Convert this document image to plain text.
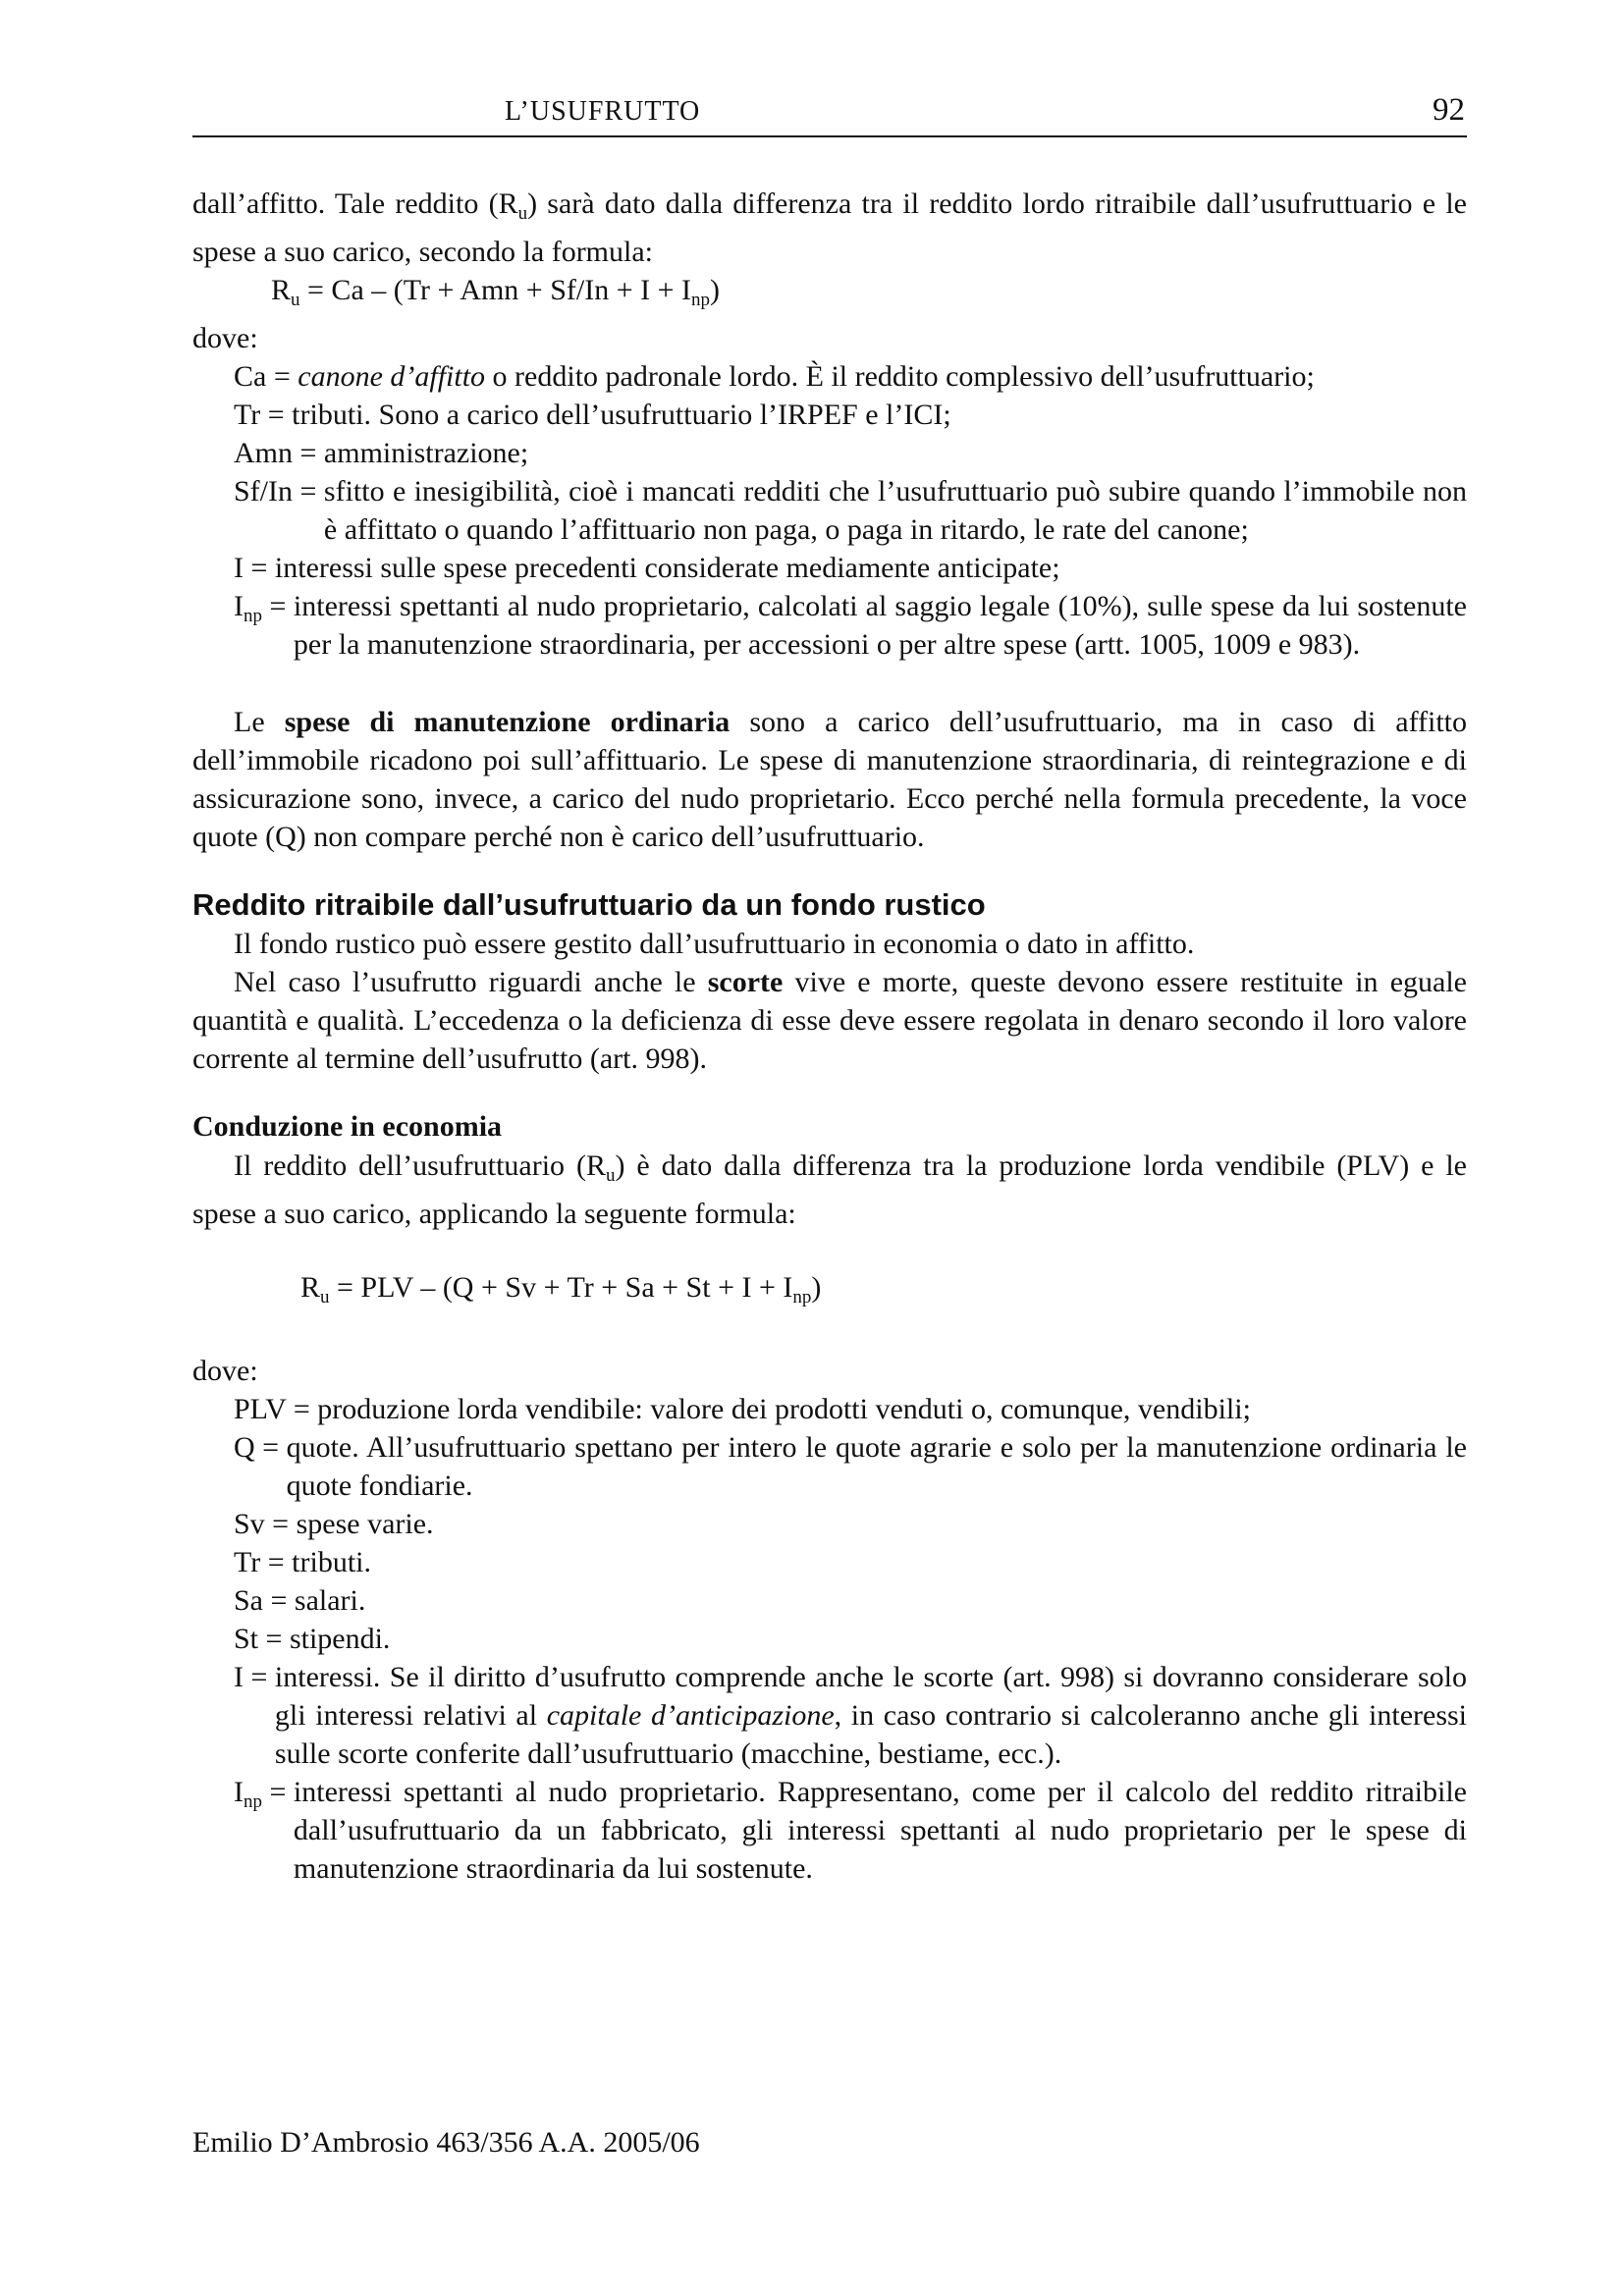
L’USUFRUTTO	92

dall’affitto. Tale reddito $(R_u)$ sarà dato dalla differenza tra il reddito lordo ritraibile dall’usufruttuario e le spese a suo carico, secondo la formula:

$R_u = Ca - (Tr$ + Amn + $Sf/In + I + I_{np}$)

dove:

Ca = canone d’affitto o reddito padronale lordo. È il reddito complessivo dell’usufruttuario;

Tr = tributi. Sono a carico dell’usufruttuario l’IRPEF e l’ICI;

Amn = amministrazione;

Sf/In = sfitto e inesigibilità, cioè i mancati redditi che l’usufruttuario può subire quando l’immobile non è affittato o quando l’affittuario non paga, o paga in ritardo, le rate del canone;

I = interessi sulle spese precedenti considerate mediamente anticipate;

$I_{np}$ = interessi spettanti al nudo proprietario, calcolati al saggio legale (10%), sulle spese da lui sostenute per la manutenzione straordinaria, per accessioni o per altre spese (artt. 1005, 1009 e 983).

Le spese di manutenzione ordinaria sono a carico dell’usufruttuario, ma in caso di affitto dell’immobile ricadono poi sull’affittuario. Le spese di manutenzione straordinaria, di reintegrazione e di assicurazione sono, invece, a carico del nudo proprietario. Ecco perché nella formula precedente, la voce quote (Q) non compare perché non è carico dell’usufruttuario.

Reddito ritraibile dall’usufruttuario da un fondo rustico

Il fondo rustico può essere gestito dall’usufruttuario in economia o dato in affitto.

Nel caso l’usufrutto riguardi anche le scorte vive e morte, queste devono essere restituite in eguale quantità e qualità. L’eccedenza o la deficienza di esse deve essere regolata in denaro secondo il loro valore corrente al termine dell’usufrutto (art. 998).

Conduzione in economia

Il reddito dell’usufruttuario $(R_u)$ è dato dalla differenza tra la produzione lorda vendibile (PLV) e le spese a suo carico, applicando la seguente formula:

$R_u$ = PLV – $(Q + Sv + Tr + Sa + St + I + I_{np})$

dove:

PLV = produzione lorda vendibile: valore dei prodotti venduti o, comunque, vendibili;

Q = quote. All’usufruttuario spettano per intero le quote agrarie e solo per la manutenzione ordinaria le quote fondiarie.

Sv = spese varie.

Tr = tributi.

Sa = salari.

St = stipendi.

I = interessi. Se il diritto d’usufrutto comprende anche le scorte (art. 998) si dovranno considerare solo gli interessi relativi al capitale d’anticipazione, in caso contrario si calcoleranno anche gli interessi sulle scorte conferite dall’usufruttuario (macchine, bestiame, ecc.).
$I_{np}$ = interessi spettanti al nudo proprietario. Rappresentano, come per il calcolo del reddito ritraibile dall’usufruttuario da un fabbricato, gli interessi spettanti al nudo proprietario per le spese di manutenzione straordinaria da lui sostenute.
Emilio D’Ambrosio 463/356 A.A. 2005/06
